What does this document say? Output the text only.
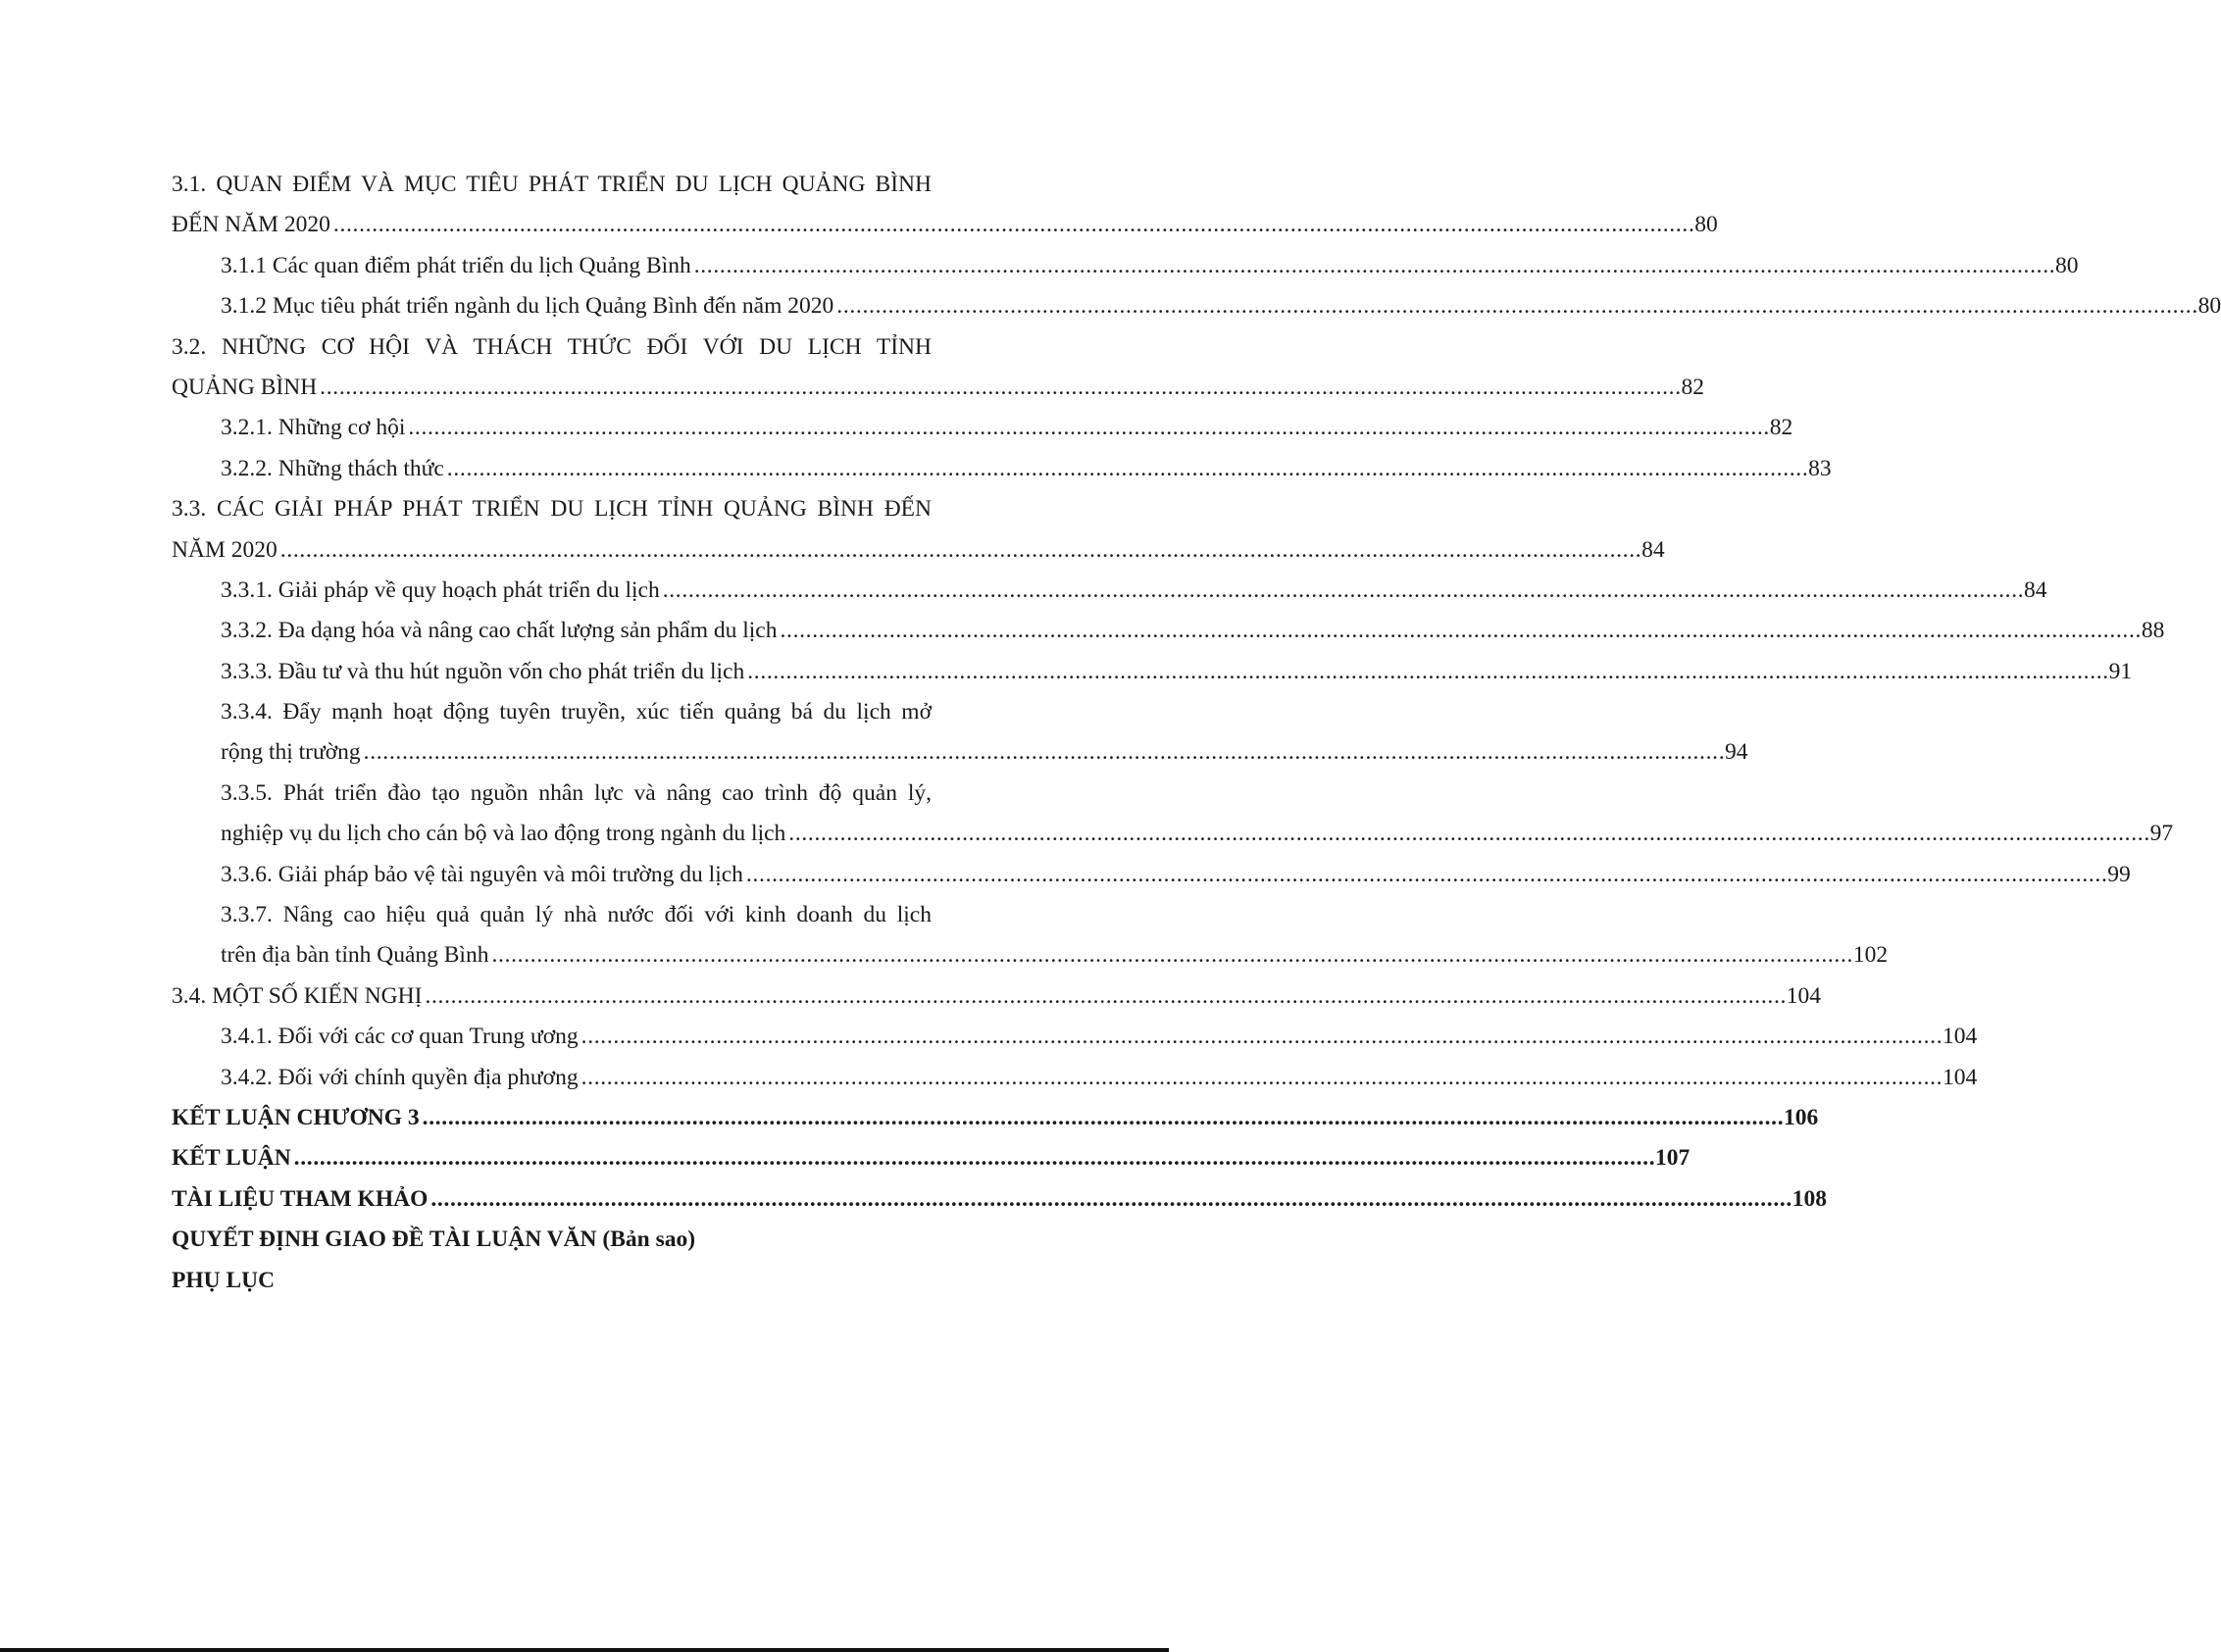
3.1. QUAN ĐIỂM VÀ MỤC TIÊU PHÁT TRIỂN DU LỊCH QUẢNG BÌNH
ĐẾN NĂM 2020 . . .	80
3.1.1 Các quan điểm phát triển du lịch Quảng Bình . . .	80
3.1.2 Mục tiêu phát triển ngành du lịch Quảng Bình đến năm 2020 . . .	80
3.2. NHỮNG CƠ HỘI VÀ THÁCH THỨC ĐỐI VỚI DU LỊCH TỈNH
QUẢNG BÌNH . . .	82
3.2.1. Những cơ hội . . .	82
3.2.2. Những thách thức . . .	83
3.3. CÁC GIẢI PHÁP PHÁT TRIỂN DU LỊCH TỈNH QUẢNG BÌNH ĐẾN
NĂM 2020 . . .	84
3.3.1. Giải pháp về quy hoạch phát triển du lịch . . .	84
3.3.2. Đa dạng hóa và nâng cao chất lượng sản phẩm du lịch . . .	88
3.3.3. Đầu tư và thu hút nguồn vốn cho phát triển du lịch . . .	91
3.3.4. Đẩy mạnh hoạt động tuyên truyền, xúc tiến quảng bá du lịch mở
rộng thị trường . . .	94
3.3.5. Phát triển đào tạo nguồn nhân lực và nâng cao trình độ quản lý,
nghiệp vụ du lịch cho cán bộ và lao động trong ngành du lịch . . .	97
3.3.6. Giải pháp bảo vệ tài nguyên và môi trường du lịch . . .	99
3.3.7. Nâng cao hiệu quả quản lý nhà nước đối với kinh doanh du lịch
trên địa bàn tỉnh Quảng Bình . . .	102
3.4. MỘT SỐ KIẾN NGHỊ . . .	104
3.4.1. Đối với các cơ quan Trung ương . . .	104
3.4.2. Đối với chính quyền địa phương . . .	104
KẾT LUẬN CHƯƠNG 3 . . .	106
KẾT LUẬN . . .	107
TÀI LIỆU THAM KHẢO . . .	108
QUYẾT ĐỊNH GIAO ĐỀ TÀI LUẬN VĂN (Bản sao)
PHỤ LỤC
